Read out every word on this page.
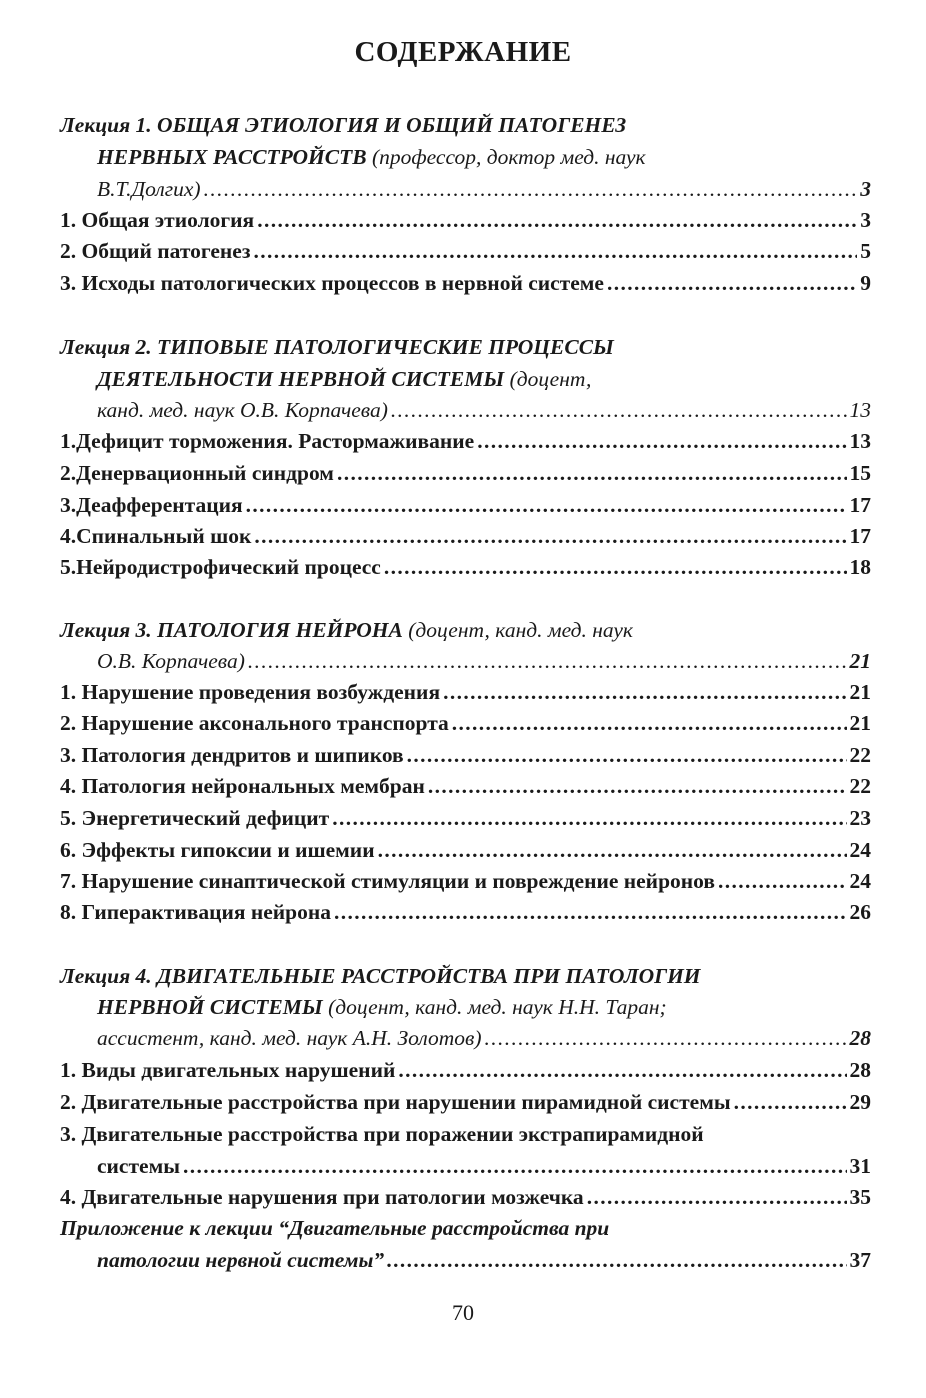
СОДЕРЖАНИЕ
Лекция 1. ОБЩАЯ ЭТИОЛОГИЯ И ОБЩИЙ ПАТОГЕНЕЗ
НЕРВНЫХ РАССТРОЙСТВ (профессор, доктор мед. наук
В.Т.Долгих) . . .	3
1. Общая этиология . . .	3
2. Общий патогенез . . .	5
3. Исходы патологических процессов в нервной системе . . .	9
Лекция 2. ТИПОВЫЕ ПАТОЛОГИЧЕСКИЕ ПРОЦЕССЫ
ДЕЯТЕЛЬНОСТИ НЕРВНОЙ СИСТЕМЫ (доцент,
канд. мед. наук О.В. Корпачева) . . .	13
1.Дефицит торможения. Растормаживание . . .	13
2.Денервационный синдром . . .	15
3.Деафферентация . . .	17
4.Спинальный шок . . .	17
5.Нейродистрофический процесс . . .	18
Лекция 3. ПАТОЛОГИЯ НЕЙРОНА (доцент, канд. мед. наук
О.В. Корпачева) . . .	21
1. Нарушение проведения возбуждения . . .	21
2. Нарушение аксонального транспорта . . .	21
3. Патология дендритов и шипиков . . .	22
4. Патология нейрональных мембран . . .	22
5. Энергетический дефицит . . .	23
6. Эффекты гипоксии и ишемии . . .	24
7. Нарушение синаптической стимуляции и повреждение нейронов . . .	24
8. Гиперактивация нейрона . . .	26
Лекция 4. ДВИГАТЕЛЬНЫЕ РАССТРОЙСТВА ПРИ ПАТОЛОГИИ
НЕРВНОЙ СИСТЕМЫ (доцент, канд. мед. наук Н.Н. Таран;
ассистент, канд. мед. наук А.Н. Золотов) . . .	28
1. Виды двигательных нарушений . . .	28
2. Двигательные расстройства при нарушении пирамидной системы . . .	29
3. Двигательные расстройства при поражении экстрапирамидной
системы . . .	31
4. Двигательные нарушения при патологии мозжечка . . .	35
Приложение к лекции “Двигательные расстройства при
патологии нервной системы” . . .	37
70
